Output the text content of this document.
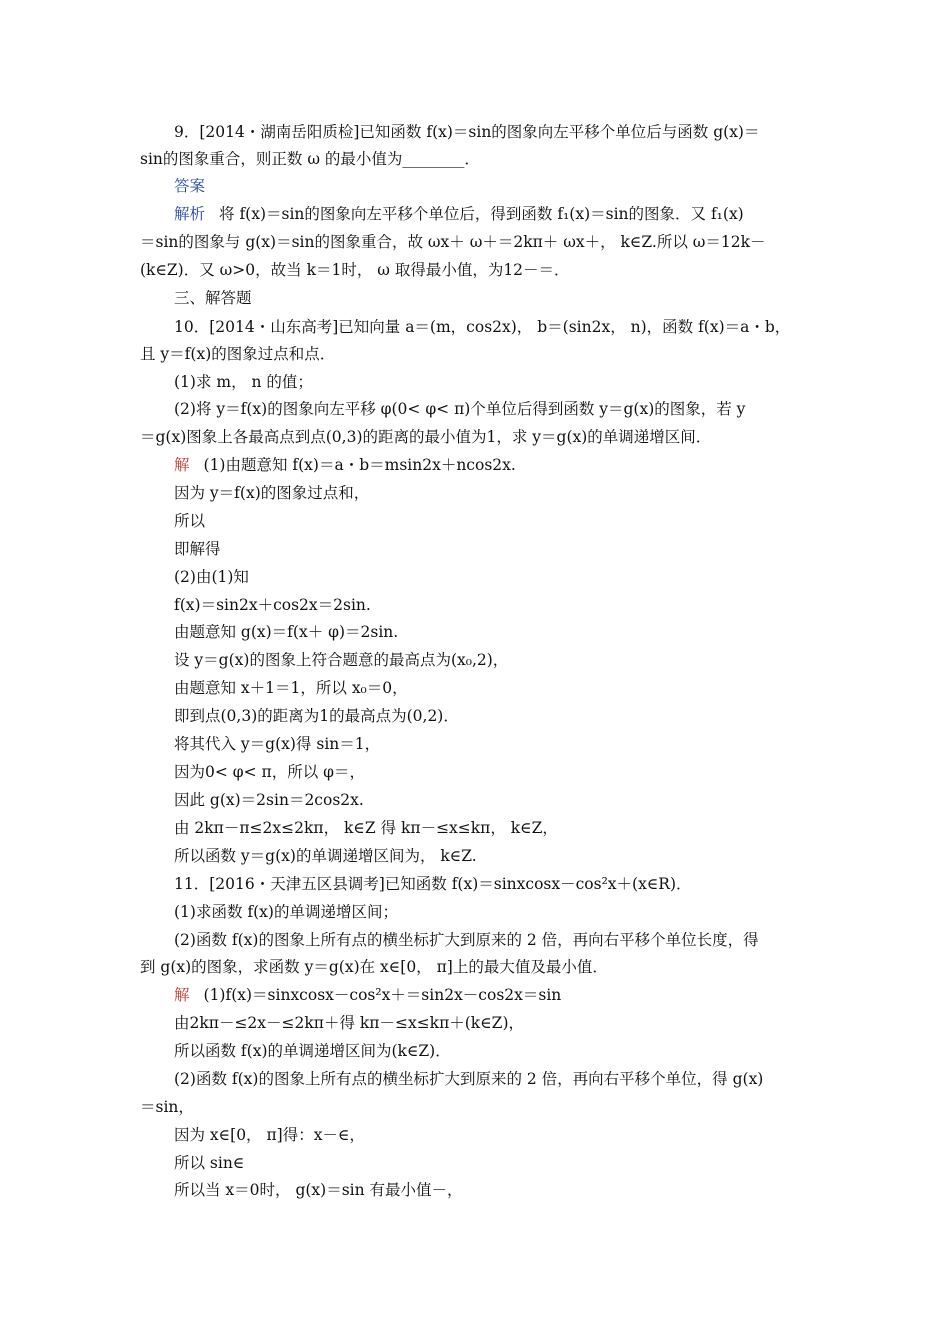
9．[2014・湖南岳阳质检]已知函数 f(x)＝sin的图象向左平移个单位后与函数 g(x)＝
sin的图象重合，则正数 ω 的最小值为________．
答案
解析 将 f(x)＝sin的图象向左平移个单位后，得到函数 f₁(x)＝sin的图象．又 f₁(x)
＝sin的图象与 g(x)＝sin的图象重合，故 ωx＋ ω＋＝2kπ＋ ωx＋， k∈Z.所以 ω＝12k－
(k∈Z)．又 ω>0，故当 k＝1时， ω 取得最小值，为12－＝．
三、解答题
10．[2014・山东高考]已知向量 a＝(m，cos2x)， b＝(sin2x， n)，函数 f(x)＝a・b，
且 y＝f(x)的图象过点和点．
(1)求 m， n 的值；
(2)将 y＝f(x)的图象向左平移 φ(0< φ< π)个单位后得到函数 y＝g(x)的图象，若 y
＝g(x)图象上各最高点到点(0,3)的距离的最小值为1，求 y＝g(x)的单调递增区间．
解 (1)由题意知 f(x)＝a・b＝msin2x＋ncos2x.
因为 y＝f(x)的图象过点和，
所以
即解得
(2)由(1)知
f(x)＝sin2x＋cos2x＝2sin.
由题意知 g(x)＝f(x＋ φ)＝2sin.
设 y＝g(x)的图象上符合题意的最高点为(x₀,2)，
由题意知 x＋1＝1，所以 x₀＝0，
即到点(0,3)的距离为1的最高点为(0,2)．
将其代入 y＝g(x)得 sin＝1，
因为0< φ< π，所以 φ＝，
因此 g(x)＝2sin＝2cos2x.
由 2kπ－π≤2x≤2kπ， k∈Z 得 kπ－≤x≤kπ， k∈Z，
所以函数 y＝g(x)的单调递增区间为， k∈Z.
11．[2016・天津五区县调考]已知函数 f(x)＝sinxcosx－cos²x＋(x∈R)．
(1)求函数 f(x)的单调递增区间；
(2)函数 f(x)的图象上所有点的横坐标扩大到原来的 2 倍，再向右平移个单位长度，得
到 g(x)的图象，求函数 y＝g(x)在 x∈[0， π]上的最大值及最小值．
解 (1)f(x)＝sinxcosx－cos²x＋＝sin2x－cos2x＝sin
由2kπ－≤2x－≤2kπ＋得 kπ－≤x≤kπ＋(k∈Z)，
所以函数 f(x)的单调递增区间为(k∈Z)．
(2)函数 f(x)的图象上所有点的横坐标扩大到原来的 2 倍，再向右平移个单位，得 g(x)
＝sin，
因为 x∈[0， π]得：x－∈，
所以 sin∈
所以当 x＝0时， g(x)＝sin 有最小值－，
